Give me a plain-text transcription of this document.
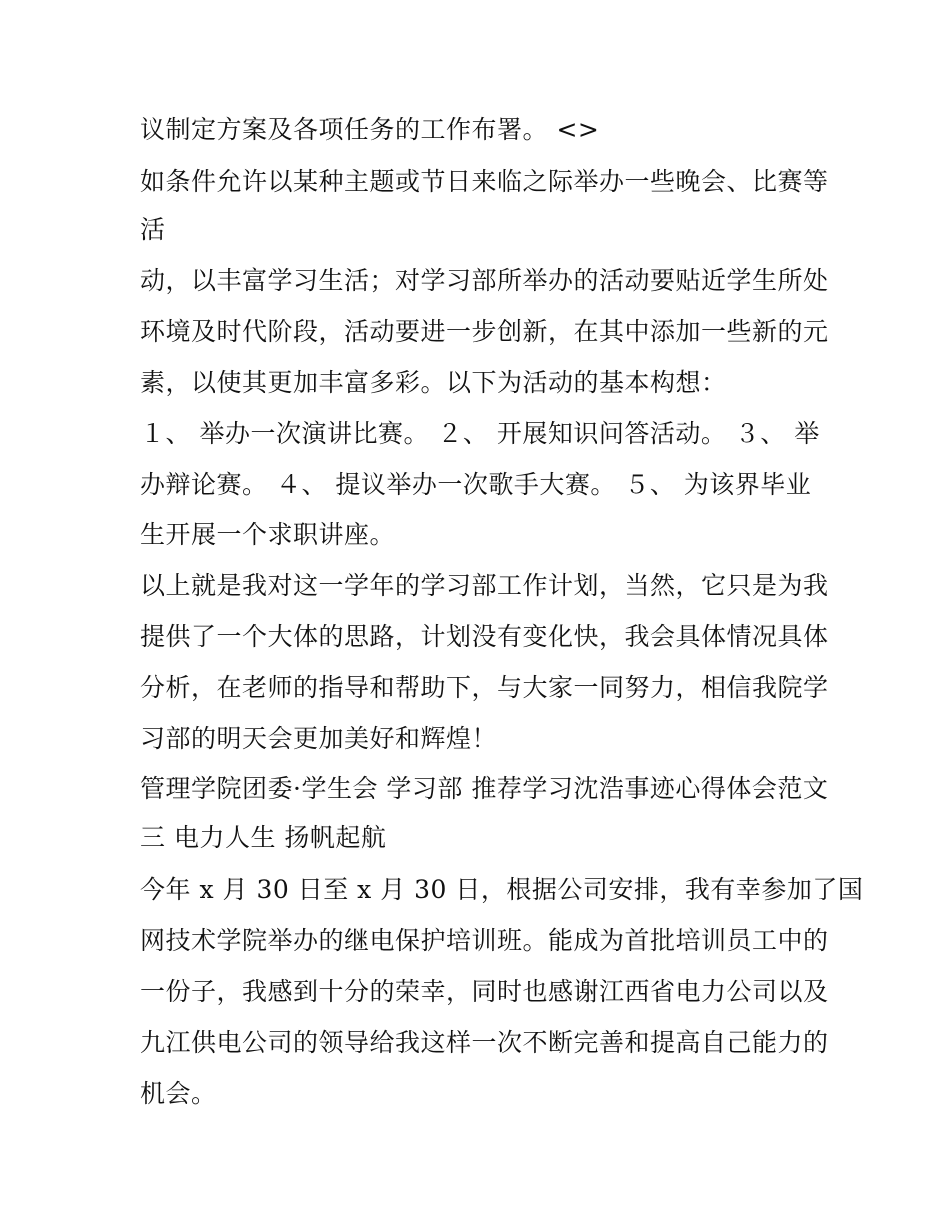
议制定方案及各项任务的工作布署。 <>
如条件允许以某种主题或节日来临之际举办一些晚会、比赛等
活
动，以丰富学习生活；对学习部所举办的活动要贴近学生所处
环境及时代阶段，活动要进一步创新，在其中添加一些新的元
素，以使其更加丰富多彩。以下为活动的基本构想：
１、 举办一次演讲比赛。 ２、 开展知识问答活动。 ３、 举
办辩论赛。 ４、 提议举办一次歌手大赛。 ５、 为该界毕业
生开展一个求职讲座。
以上就是我对这一学年的学习部工作计划，当然，它只是为我
提供了一个大体的思路，计划没有变化快，我会具体情况具体
分析，在老师的指导和帮助下，与大家一同努力，相信我院学
习部的明天会更加美好和辉煌！
管理学院团委·学生会 学习部 推荐学习沈浩事迹心得体会范文
三 电力人生 扬帆起航
今年 x 月 30 日至 x 月 30 日，根据公司安排，我有幸参加了国
网技术学院举办的继电保护培训班。能成为首批培训员工中的
一份子，我感到十分的荣幸，同时也感谢江西省电力公司以及
九江供电公司的领导给我这样一次不断完善和提高自己能力的
机会。
